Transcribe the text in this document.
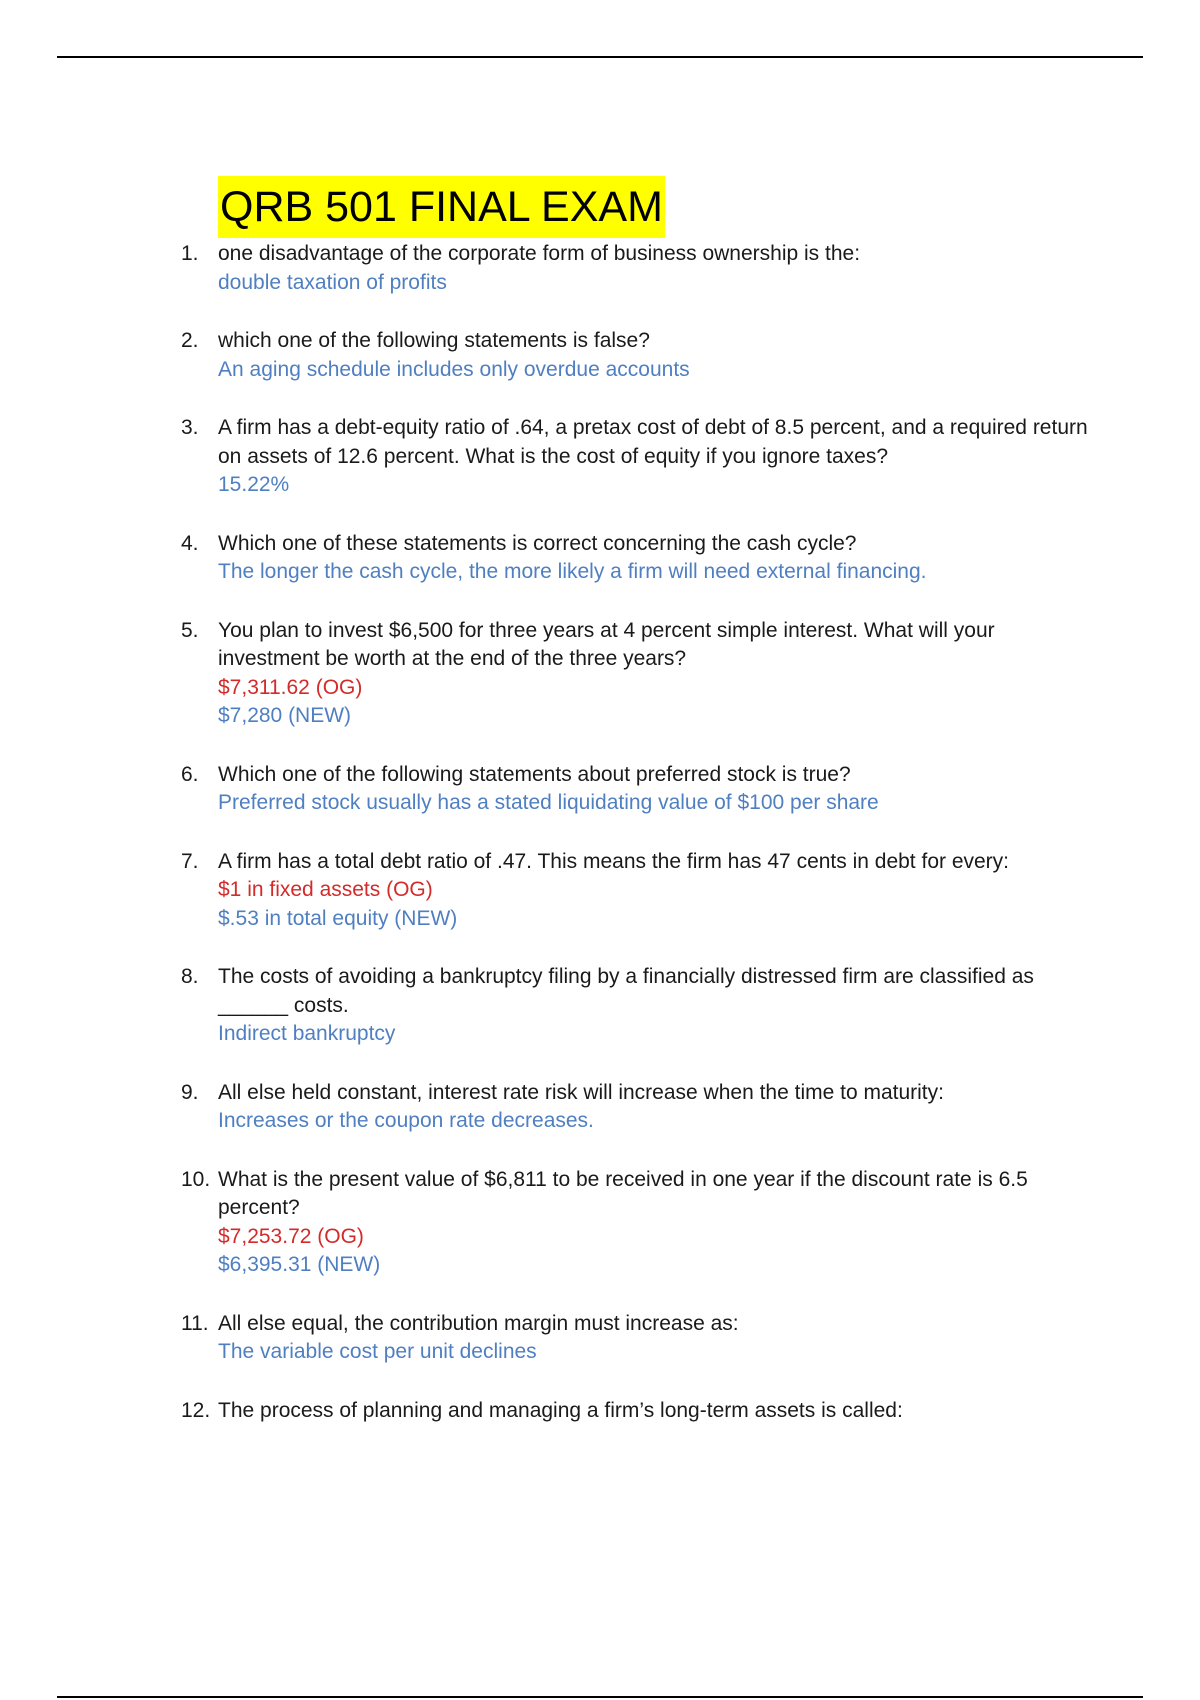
QRB 501 FINAL EXAM
1. one disadvantage of the corporate form of business ownership is the:
double taxation of profits
2. which one of the following statements is false?
An aging schedule includes only overdue accounts
3. A firm has a debt-equity ratio of .64, a pretax cost of debt of 8.5 percent, and a required return on assets of 12.6 percent. What is the cost of equity if you ignore taxes?
15.22%
4. Which one of these statements is correct concerning the cash cycle?
The longer the cash cycle, the more likely a firm will need external financing.
5. You plan to invest $6,500 for three years at 4 percent simple interest. What will your investment be worth at the end of the three years?
$7,311.62 (OG)
$7,280 (NEW)
6. Which one of the following statements about preferred stock is true?
Preferred stock usually has a stated liquidating value of $100 per share
7. A firm has a total debt ratio of .47. This means the firm has 47 cents in debt for every:
$1 in fixed assets (OG)
$.53 in total equity (NEW)
8. The costs of avoiding a bankruptcy filing by a financially distressed firm are classified as ______ costs.
Indirect bankruptcy
9. All else held constant, interest rate risk will increase when the time to maturity:
Increases or the coupon rate decreases.
10. What is the present value of $6,811 to be received in one year if the discount rate is 6.5 percent?
$7,253.72 (OG)
$6,395.31 (NEW)
11. All else equal, the contribution margin must increase as:
The variable cost per unit declines
12. The process of planning and managing a firm’s long-term assets is called:
